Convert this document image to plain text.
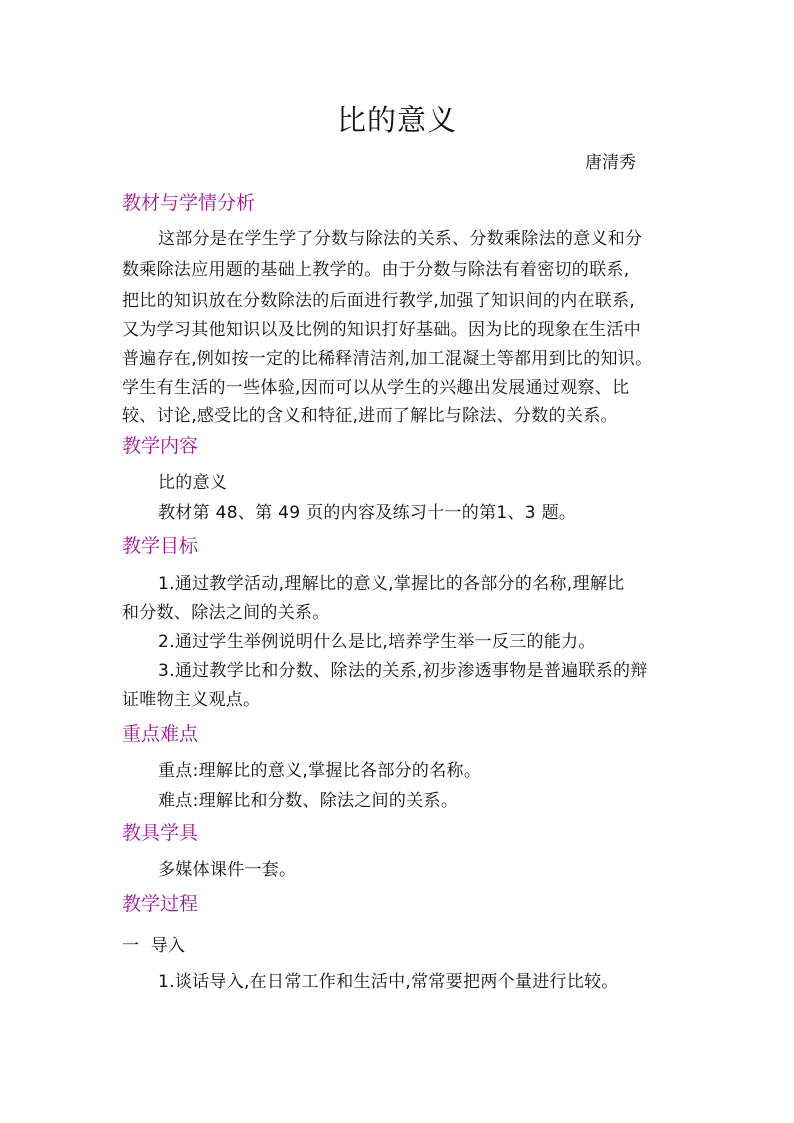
比的意义
唐清秀
教材与学情分析
这部分是在学生学了分数与除法的关系、分数乘除法的意义和分
数乘除法应用题的基础上教学的。由于分数与除法有着密切的联系,
把比的知识放在分数除法的后面进行教学,加强了知识间的内在联系,
又为学习其他知识以及比例的知识打好基础。因为比的现象在生活中
普遍存在,例如按一定的比稀释清洁剂,加工混凝土等都用到比的知识。
学生有生活的一些体验,因而可以从学生的兴趣出发展通过观察、比
较、讨论,感受比的含义和特征,进而了解比与除法、分数的关系。
教学内容
比的意义
教材第 48、第 49 页的内容及练习十一的第1、3 题。
教学目标
1.通过教学活动,理解比的意义,掌握比的各部分的名称,理解比
和分数、除法之间的关系。
2.通过学生举例说明什么是比,培养学生举一反三的能力。
3.通过教学比和分数、除法的关系,初步渗透事物是普遍联系的辩
证唯物主义观点。
重点难点
重点:理解比的意义,掌握比各部分的名称。
难点:理解比和分数、除法之间的关系。
教具学具
多媒体课件一套。
教学过程
一  导入
1.谈话导入,在日常工作和生活中,常常要把两个量进行比较。
